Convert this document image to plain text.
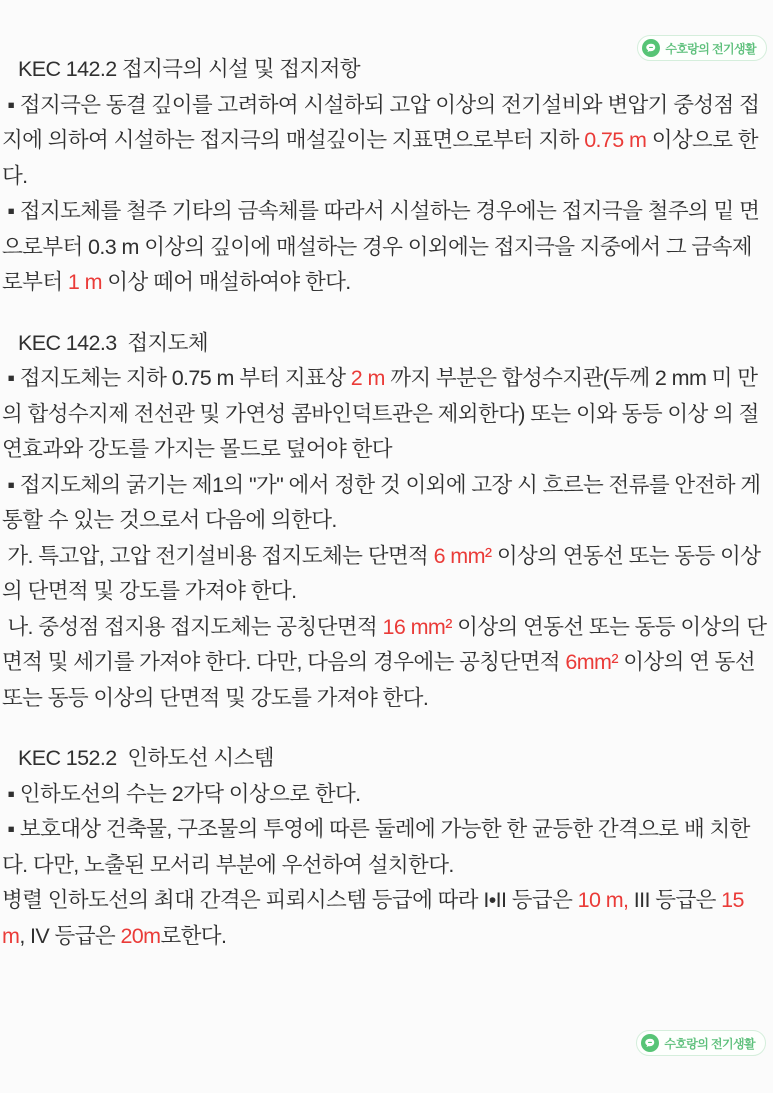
수호랑의 전기생활
KEC 142.2 접지극의 시설 및 접지저항

▪ 접지극은 동결 깊이를 고려하여 시설하되 고압 이상의 전기설비와 변압기 중성점 접지에 의하여 시설하는 접지극의 매설깊이는 지표면으로부터 지하 0.75 m 이상으로 한다.

▪ 접지도체를 철주 기타의 금속체를 따라서 시설하는 경우에는 접지극을 철주의 밑 면으로부터 0.3 m 이상의 깊이에 매설하는 경우 이외에는 접지극을 지중에서 그 금속제로부터 1 m 이상 떼어 매설하여야 한다.

KEC 142.3  접지도체

▪ 접지도체는 지하 0.75 m 부터 지표상 2 m 까지 부분은 합성수지관(두께 2 mm 미 만의 합성수지제 전선관 및 가연성 콤바인덕트관은 제외한다) 또는 이와 동등 이상 의 절연효과와 강도를 가지는 몰드로 덮어야 한다

▪ 접지도체의 굵기는 제1의 "가" 에서 정한 것 이외에 고장 시 흐르는 전류를 안전하 게통할 수 있는 것으로서 다음에 의한다.

가. 특고압, 고압 전기설비용 접지도체는 단면적 6 mm² 이상의 연동선 또는 동등 이상 의 단면적 및 강도를 가져야 한다.

나. 중성점 접지용 접지도체는 공칭단면적 16 mm² 이상의 연동선 또는 동등 이상의 단 면적 및 세기를 가져야 한다. 다만, 다음의 경우에는 공칭단면적 6mm² 이상의 연 동선 또는 동등 이상의 단면적 및 강도를 가져야 한다.

KEC 152.2  인하도선 시스템

▪ 인하도선의 수는 2가닥 이상으로 한다.

▪ 보호대상 건축물, 구조물의 투영에 따른 둘레에 가능한 한 균등한 간격으로 배 치한다. 다만, 노출된 모서리 부분에 우선하여 설치한다.

병렬 인하도선의 최대 간격은 피뢰시스템 등급에 따라 I•II 등급은 10 m, III 등급은 15 m, IV 등급은 20m로한다.

수호랑의 전기생활
